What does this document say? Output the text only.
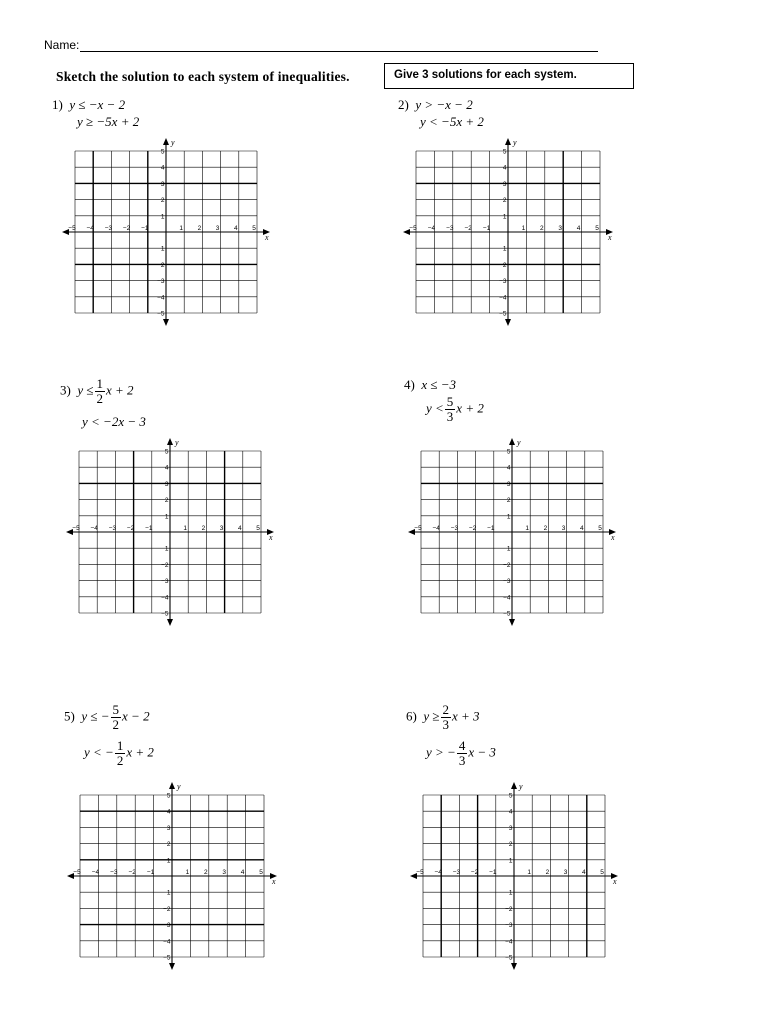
Name:
Sketch the solution to each system of inequalities.	Give 3 solutions for each system.
1) y ≤ −x − 2
y ≥ −5x + 2
2) y > −x − 2
y < −5x + 2
3) $y \le \frac{1}{2}$ x + 2
y < −2x − 3
4) x ≤ −3
$y < \frac{5}{3}$ x + 2
5) y ≤ − $\frac{5}{2}$ x − 2
y < − $\frac{1}{2}$ x + 2
6) $y \ge \frac{2}{3}$ x + 3
y > − $\frac{4}{3}$ x − 3
x
y
−5
−5
−4
−4
−3
−3
−2
−2
−1
−1
1
1
2
2
3
3
4
4
5
5
x
y
−5
−5
−4
−4
−3
−3
−2
−2
−1
−1
1
1
2
2
3
3
4
4
5
5
x
y
−5
−5
−4
−4
−3
−3
−2
−2
−1
−1
1
1
2
2
3
3
4
4
5
5
x
y
−5
−5
−4
−4
−3
−3
−2
−2
−1
−1
1
1
2
2
3
3
4
4
5
5
x
y
−5
−5
−4
−4
−3
−3
−2
−2
−1
−1
1
1
2
2
3
3
4
4
5
5
x
y
−5
−5
−4
−4
−3
−3
−2
−2
−1
−1
1
1
2
2
3
3
4
4
5
5
